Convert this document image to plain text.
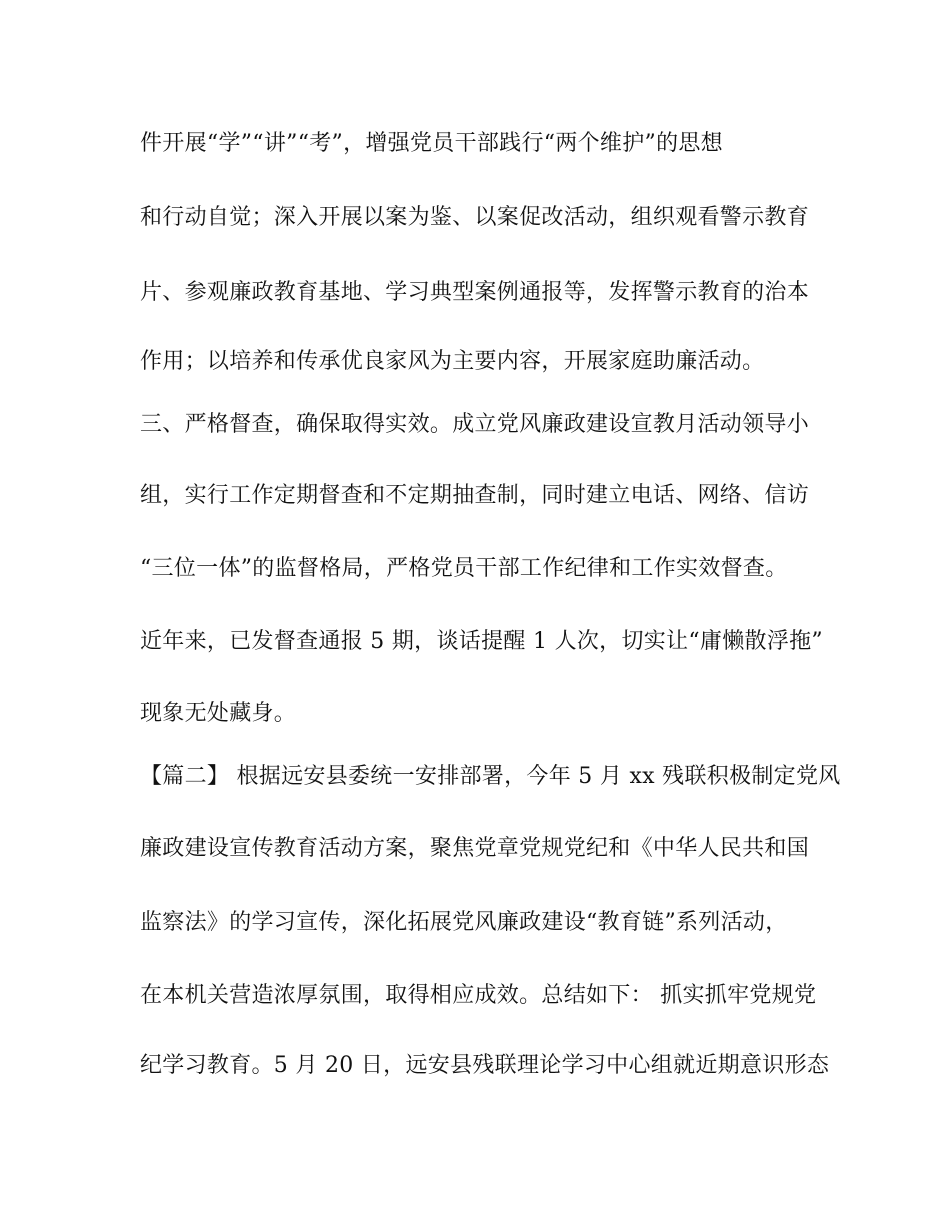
件开展“学”“讲”“考”，增强党员干部践行“两个维护”的思想

和行动自觉；深入开展以案为鉴、以案促改活动，组织观看警示教育

片、参观廉政教育基地、学习典型案例通报等，发挥警示教育的治本

作用；以培养和传承优良家风为主要内容，开展家庭助廉活动。

三、严格督查，确保取得实效。成立党风廉政建设宣教月活动领导小

组，实行工作定期督查和不定期抽查制，同时建立电话、网络、信访

“三位一体”的监督格局，严格党员干部工作纪律和工作实效督查。

近年来，已发督查通报 5 期，谈话提醒 1 人次，切实让“庸懒散浮拖”

现象无处藏身。

【篇二】 根据远安县委统一安排部署，今年 5 月 xx 残联积极制定党风

廉政建设宣传教育活动方案，聚焦党章党规党纪和《中华人民共和国

监察法》的学习宣传，深化拓展党风廉政建设“教育链”系列活动，

在本机关营造浓厚氛围，取得相应成效。总结如下： 抓实抓牢党规党

纪学习教育。5 月 20 日，远安县残联理论学习中心组就近期意识形态
